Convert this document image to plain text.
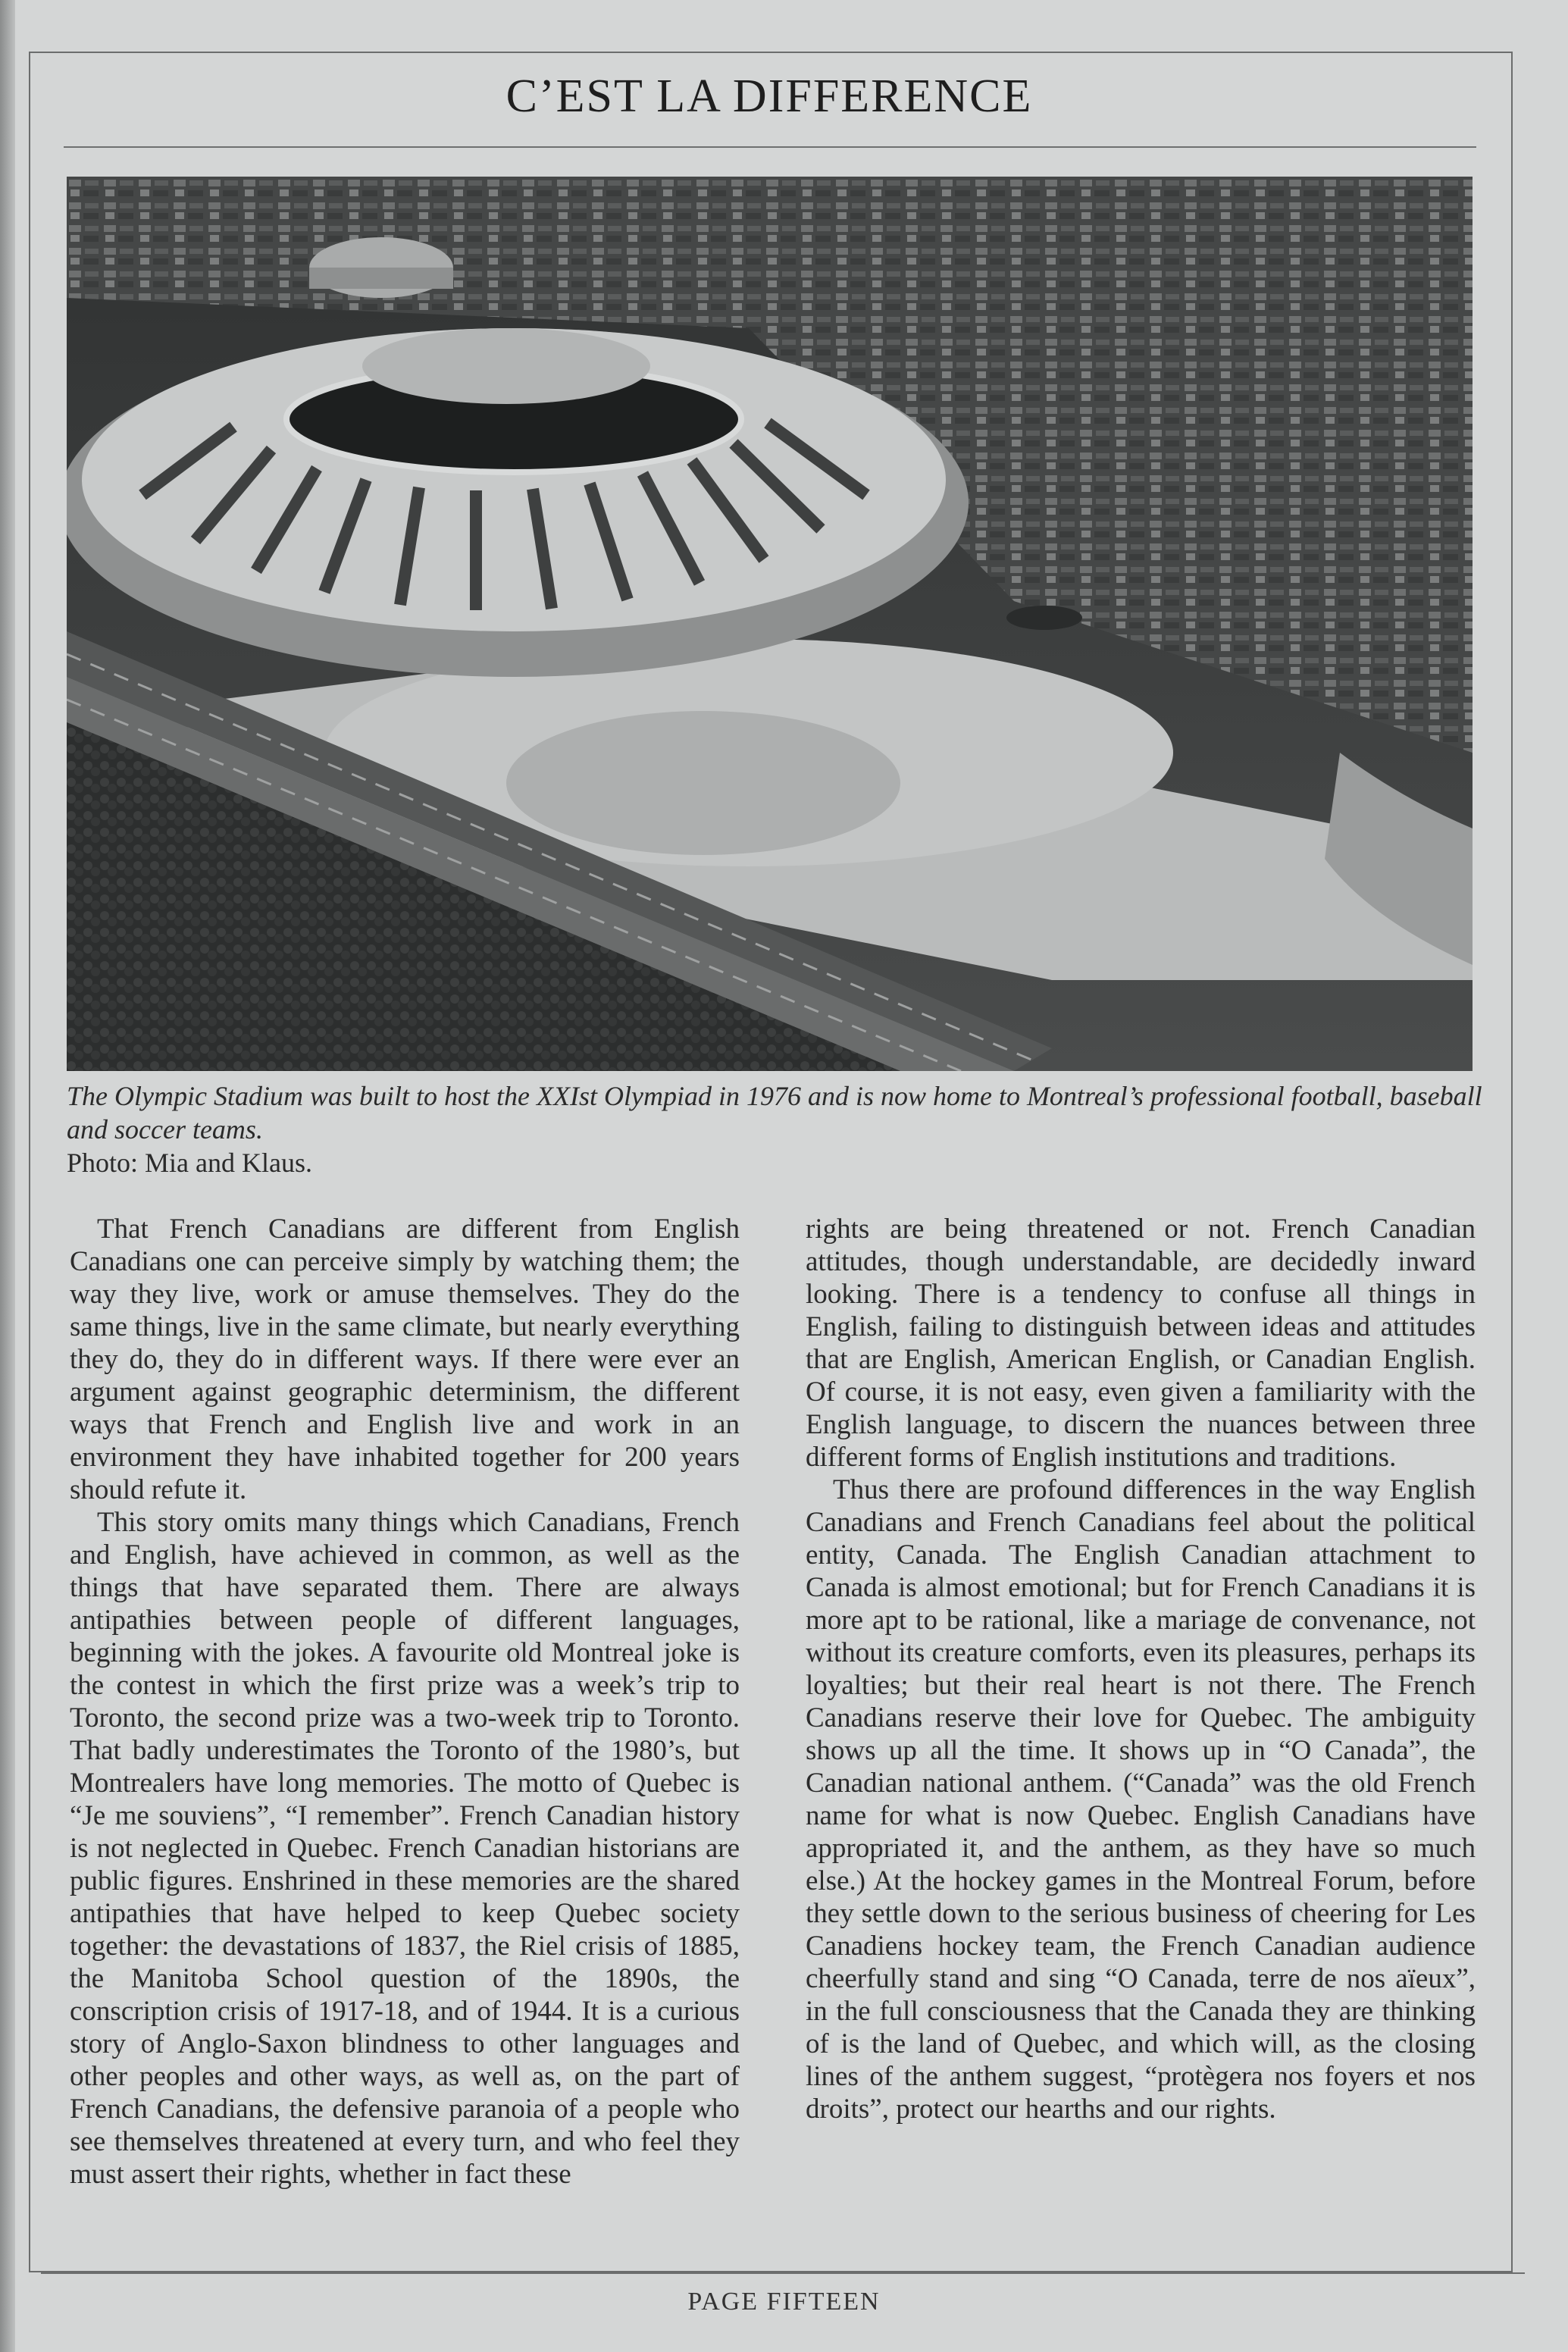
C’EST LA DIFFERENCE
The Olympic Stadium was built to host the XXIst Olympiad in 1976 and is now home to Montreal’s professional football, baseball and soccer teams.
Photo: Mia and Klaus.

That French Canadians are different from English Canadians one can perceive simply by watching them; the way they live, work or amuse themselves. They do the same things, live in the same climate, but nearly everything they do, they do in different ways. If there were ever an argument against geographic determinism, the different ways that French and English live and work in an environment they have inhabited together for 200 years should refute it.

This story omits many things which Canadians, French and English, have achieved in common, as well as the things that have separated them. There are always antipathies between people of different languages, beginning with the jokes. A favourite old Montreal joke is the contest in which the first prize was a week’s trip to Toronto, the second prize was a two-week trip to Toronto. That badly underestimates the Toronto of the 1980’s, but Montrealers have long memories. The motto of Quebec is “Je me souviens”, “I remember”. French Canadian history is not neglected in Quebec. French Canadian historians are public figures. Enshrined in these memories are the shared antipathies that have helped to keep Quebec society together: the devastations of 1837, the Riel crisis of 1885, the Manitoba School question of the 1890s, the conscription crisis of 1917-18, and of 1944. It is a curious story of Anglo-Saxon blindness to other languages and other peoples and other ways, as well as, on the part of French Canadians, the defensive paranoia of a people who see themselves threatened at every turn, and who feel they must assert their rights, whether in fact these

rights are being threatened or not. French Canadian attitudes, though understandable, are decidedly inward looking. There is a tendency to confuse all things in English, failing to distinguish between ideas and attitudes that are English, American English, or Canadian English. Of course, it is not easy, even given a familiarity with the English language, to discern the nuances between three different forms of English institutions and traditions.

Thus there are profound differences in the way English Canadians and French Canadians feel about the political entity, Canada. The English Canadian attachment to Canada is almost emotional; but for French Canadians it is more apt to be rational, like a mariage de convenance, not without its creature comforts, even its pleasures, perhaps its loyalties; but their real heart is not there. The French Canadians reserve their love for Quebec. The ambiguity shows up all the time. It shows up in “O Canada”, the Canadian national anthem. (“Canada” was the old French name for what is now Quebec. English Canadians have appropriated it, and the anthem, as they have so much else.) At the hockey games in the Montreal Forum, before they settle down to the serious business of cheering for Les Canadiens hockey team, the French Canadian audience cheerfully stand and sing “O Canada, terre de nos aïeux”, in the full consciousness that the Canada they are thinking of is the land of Quebec, and which will, as the closing lines of the anthem suggest, “protègera nos foyers et nos droits”, protect our hearths and our rights.

PAGE FIFTEEN
